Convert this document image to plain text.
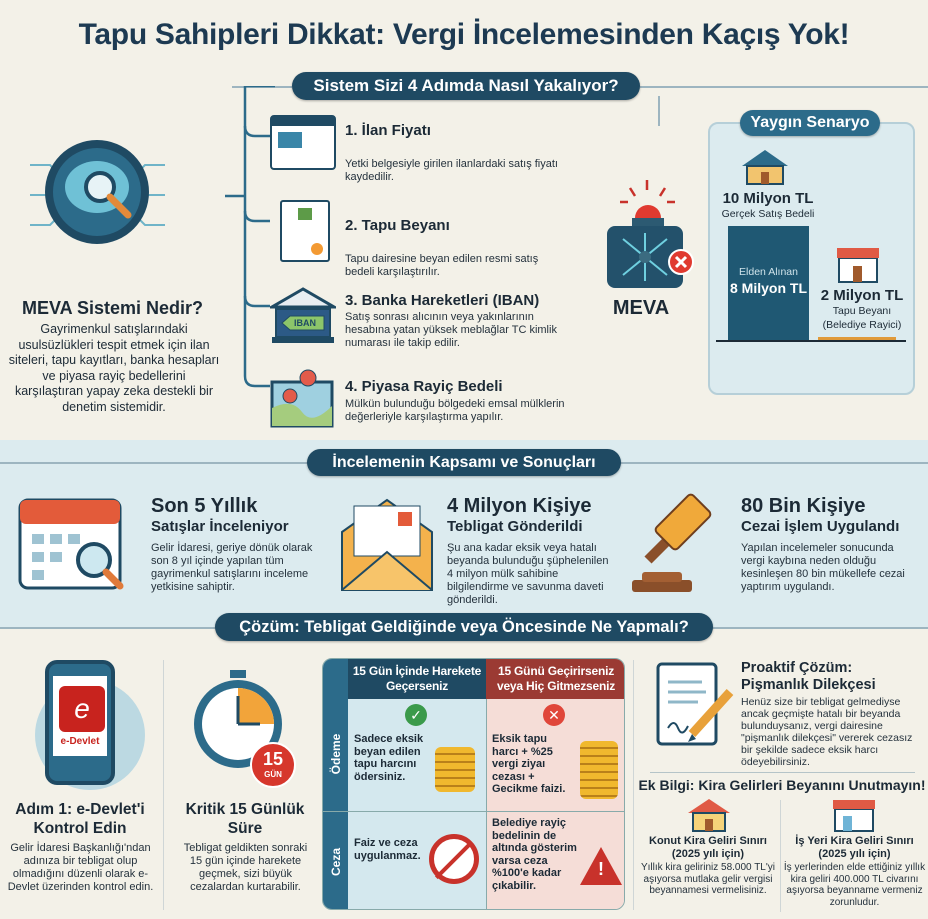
Tapu Sahipleri Dikkat: Vergi İncelemesinden Kaçış Yok!
Sistem Sizi 4 Adımda Nasıl Yakalıyor?
MEVA Sistemi Nedir?
Gayrimenkul satışlarındaki usulsüzlükleri tespit etmek için ilan siteleri, tapu kayıtları, banka hesapları ve piyasa rayiç bedellerini karşılaştıran yapay zeka destekli bir denetim sistemidir.
1. İlan Fiyatı
Yetki belgesiyle girilen ilanlardaki satış fiyatı kaydedilir.
2. Tapu Beyanı
Tapu dairesine beyan edilen resmi satış bedeli karşılaştırılır.
IBAN
3. Banka Hareketleri (IBAN)
Satış sonrası alıcının veya yakınlarının hesabına yatan yüksek meblağlar TC kimlik numarası ile takip edilir.
4. Piyasa Rayiç Bedeli
Mülkün bulunduğu bölgedeki emsal mülklerin değerleriyle karşılaştırma yapılır.
MEVA
Yaygın Senaryo
10 Milyon TL
Gerçek Satış Bedeli
Elden Alınan
8 Milyon TL 2 Milyon TL
Tapu Beyanı
(Belediye Rayici)
İncelemenin Kapsamı ve Sonuçları
Son 5 Yıllık
Satışlar İnceleniyor
Gelir İdaresi, geriye dönük olarak son 8 yıl içinde yapılan tüm gayrimenkul satışlarını inceleme yetkisine sahiptir.
4 Milyon Kişiye
Tebligat Gönderildi
Şu ana kadar eksik veya hatalı beyanda bulunduğu şüphelenilen 4 milyon mülk sahibine bilgilendirme ve savunma daveti gönderildi.
80 Bin Kişiye
Cezai İşlem Uygulandı
Yapılan incelemeler sonucunda vergi kaybına neden olduğu kesinleşen 80 bin mükellefe cezai yaptırım uygulandı.
Çözüm: Tebligat Geldiğinde veya Öncesinde Ne Yapmalı?
e
e-Devlet
Adım 1: e-Devlet'i Kontrol Edin
Gelir İdaresi Başkanlığı'ndan adınıza bir tebligat olup olmadığını düzenli olarak e-Devlet üzerinden kontrol edin.
15
GÜN
Kritik 15 Günlük Süre
Tebligat geldikten sonraki 15 gün içinde harekete geçmek, sizi büyük cezalardan kurtarabilir.
15 Gün İçinde Harekete Geçerseniz
15 Günü Geçirirseniz veya Hiç Gitmezseniz
Ödeme
Ceza
✓	✕
Sadece eksik beyan edilen tapu harcını ödersiniz.
Eksik tapu harcı + %25 vergi ziyaı cezası + Gecikme faizi.
Faiz ve ceza uygulanmaz.
Belediye rayiç bedelinin de altında gösterim varsa ceza %100'e kadar çıkabilir.
!
Proaktif Çözüm:
Pişmanlık Dilekçesi
Henüz size bir tebligat gelmediyse ancak geçmişte hatalı bir beyanda bulunduysanız, vergi dairesine "pişmanlık dilekçesi" vererek cezasız bir şekilde sadece eksik harcı ödeyebilirsiniz.
Ek Bilgi: Kira Gelirleri Beyanını Unutmayın!
Konut Kira Geliri Sınırı
(2025 yılı için)
Yıllık kira geliriniz 58.000 TL'yi aşıyorsa mutlaka gelir vergisi beyannamesi vermelisiniz.
İş Yeri Kira Geliri Sınırı
(2025 yılı için)
İş yerlerinden elde ettiğiniz yıllık kira geliri 400.000 TL civarını aşıyorsa beyanname vermeniz zorunludur.
